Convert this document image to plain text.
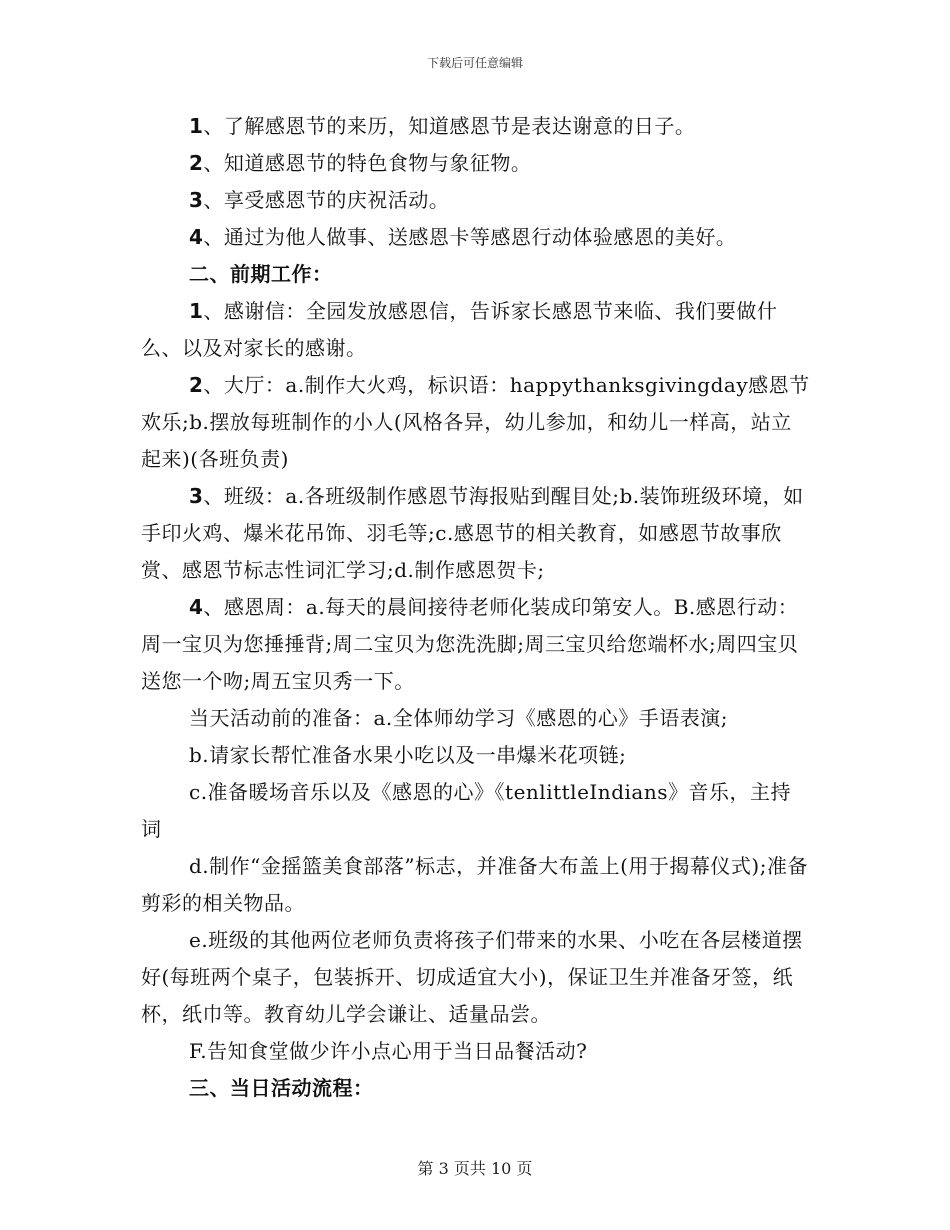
下载后可任意编辑

1、了解感恩节的来历，知道感恩节是表达谢意的日子。

2、知道感恩节的特色食物与象征物。

3、享受感恩节的庆祝活动。

4、通过为他人做事、送感恩卡等感恩行动体验感恩的美好。

二、前期工作：

1、感谢信：全园发放感恩信，告诉家长感恩节来临、我们要做什么、以及对家长的感谢。

2、大厅：a.制作大火鸡，标识语：happythanksgivingday感恩节欢乐;b.摆放每班制作的小人(风格各异，幼儿参加，和幼儿一样高，站立起来)(各班负责)

3、班级：a.各班级制作感恩节海报贴到醒目处;b.装饰班级环境，如手印火鸡、爆米花吊饰、羽毛等;c.感恩节的相关教育，如感恩节故事欣赏、感恩节标志性词汇学习;d.制作感恩贺卡;

4、感恩周：a.每天的晨间接待老师化装成印第安人。B.感恩行动：周一宝贝为您捶捶背;周二宝贝为您洗洗脚;周三宝贝给您端杯水;周四宝贝送您一个吻;周五宝贝秀一下。

当天活动前的准备：a.全体师幼学习《感恩的心》手语表演;

b.请家长帮忙准备水果小吃以及一串爆米花项链;

c.准备暖场音乐以及《感恩的心》《tenlittleIndians》音乐，主持词

d.制作“金摇篮美食部落”标志，并准备大布盖上(用于揭幕仪式);准备剪彩的相关物品。

e.班级的其他两位老师负责将孩子们带来的水果、小吃在各层楼道摆好(每班两个桌子，包装拆开、切成适宜大小)，保证卫生并准备牙签，纸杯，纸巾等。教育幼儿学会谦让、适量品尝。

F.告知食堂做少许小点心用于当日品餐活动?

三、当日活动流程：

第 3 页共 10 页
